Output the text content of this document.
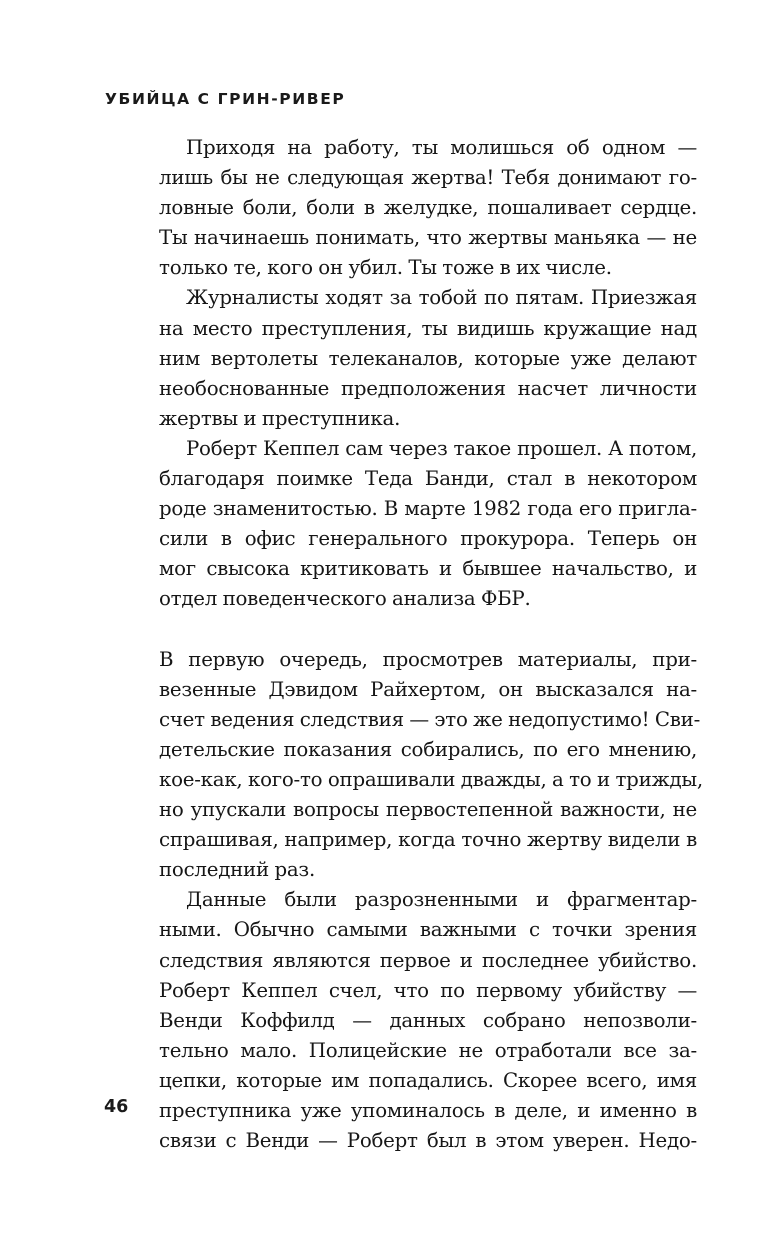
УБИЙЦА С ГРИН-РИВЕР
Приходя на работу, ты молишься об одном —
лишь бы не следующая жертва! Тебя донимают го-
ловные боли, боли в желудке, пошаливает сердце.
Ты начинаешь понимать, что жертвы маньяка — не
только те, кого он убил. Ты тоже в их числе.
Журналисты ходят за тобой по пятам. Приезжая
на место преступления, ты видишь кружащие над
ним вертолеты телеканалов, которые уже делают
необоснованные предположения насчет личности
жертвы и преступника.
Роберт Кеппел сам через такое прошел. А потом,
благодаря поимке Теда Банди, стал в некотором
роде знаменитостью. В марте 1982 года его пригла-
сили в офис генерального прокурора. Теперь он
мог свысока критиковать и бывшее начальство, и
отдел поведенческого анализа ФБР.
В первую очередь, просмотрев материалы, при-
везенные Дэвидом Райхертом, он высказался на-
счет ведения следствия — это же недопустимо! Сви-
детельские показания собирались, по его мнению,
кое-как, кого-то опрашивали дважды, а то и трижды,
но упускали вопросы первостепенной важности, не
спрашивая, например, когда точно жертву видели в
последний раз.
Данные были разрозненными и фрагментар-
ными. Обычно самыми важными с точки зрения
следствия являются первое и последнее убийство.
Роберт Кеппел счел, что по первому убийству —
Венди Коффилд — данных собрано непозволи-
тельно мало. Полицейские не отработали все за-
цепки, которые им попадались. Скорее всего, имя
преступника уже упоминалось в деле, и именно в
связи с Венди — Роберт был в этом уверен. Недо-
46
